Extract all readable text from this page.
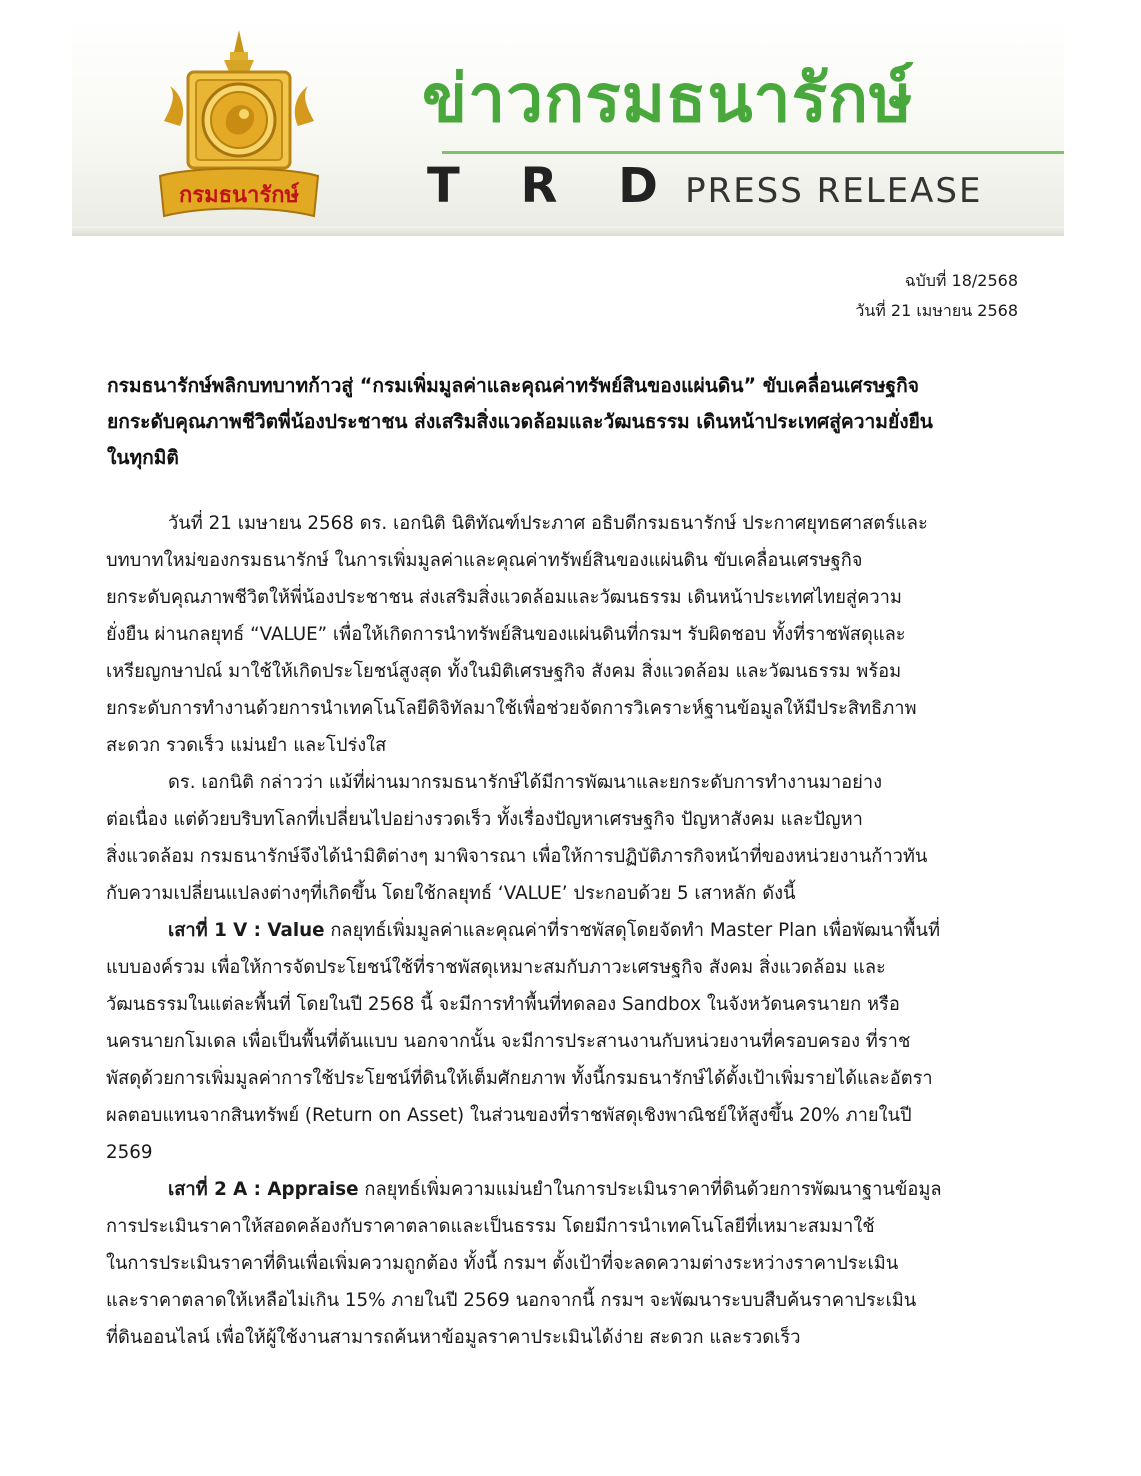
กรมธนารักษ์
ข่าวกรมธนารักษ์
T R D PRESS RELEASE
ฉบับที่ 18/2568
วันที่ 21 เมษายน 2568
กรมธนารักษ์พลิกบทบาทก้าวสู่ “กรมเพิ่มมูลค่าและคุณค่าทรัพย์สินของแผ่นดิน” ขับเคลื่อนเศรษฐกิจ
ยกระดับคุณภาพชีวิตพี่น้องประชาชน ส่งเสริมสิ่งแวดล้อมและวัฒนธรรม เดินหน้าประเทศสู่ความยั่งยืน
ในทุกมิติ
วันที่ 21 เมษายน 2568 ดร. เอกนิติ นิติทัณฑ์ประภาศ อธิบดีกรมธนารักษ์ ประกาศยุทธศาสตร์และ
บทบาทใหม่ของกรมธนารักษ์ ในการเพิ่มมูลค่าและคุณค่าทรัพย์สินของแผ่นดิน ขับเคลื่อนเศรษฐกิจ
ยกระดับคุณภาพชีวิตให้พี่น้องประชาชน ส่งเสริมสิ่งแวดล้อมและวัฒนธรรม เดินหน้าประเทศไทยสู่ความ
ยั่งยืน ผ่านกลยุทธ์ “VALUE” เพื่อให้เกิดการนำทรัพย์สินของแผ่นดินที่กรมฯ รับผิดชอบ ทั้งที่ราชพัสดุและ
เหรียญกษาปณ์ มาใช้ให้เกิดประโยชน์สูงสุด ทั้งในมิติเศรษฐกิจ สังคม สิ่งแวดล้อม และวัฒนธรรม พร้อม
ยกระดับการทำงานด้วยการนำเทคโนโลยีดิจิทัลมาใช้เพื่อช่วยจัดการวิเคราะห์ฐานข้อมูลให้มีประสิทธิภาพ
สะดวก รวดเร็ว แม่นยำ และโปร่งใส
ดร. เอกนิติ กล่าวว่า แม้ที่ผ่านมากรมธนารักษ์ได้มีการพัฒนาและยกระดับการทำงานมาอย่าง
ต่อเนื่อง แต่ด้วยบริบทโลกที่เปลี่ยนไปอย่างรวดเร็ว ทั้งเรื่องปัญหาเศรษฐกิจ ปัญหาสังคม และปัญหา
สิ่งแวดล้อม กรมธนารักษ์จึงได้นำมิติต่างๆ มาพิจารณา เพื่อให้การปฏิบัติภารกิจหน้าที่ของหน่วยงานก้าวทัน
กับความเปลี่ยนแปลงต่างๆที่เกิดขึ้น โดยใช้กลยุทธ์ ‘VALUE’ ประกอบด้วย 5 เสาหลัก ดังนี้
เสาที่ 1 V : Value กลยุทธ์เพิ่มมูลค่าและคุณค่าที่ราชพัสดุโดยจัดทำ Master Plan เพื่อพัฒนาพื้นที่
แบบองค์รวม เพื่อให้การจัดประโยชน์ใช้ที่ราชพัสดุเหมาะสมกับภาวะเศรษฐกิจ สังคม สิ่งแวดล้อม และ
วัฒนธรรมในแต่ละพื้นที่ โดยในปี 2568 นี้ จะมีการทำพื้นที่ทดลอง Sandbox ในจังหวัดนครนายก หรือ
นครนายกโมเดล เพื่อเป็นพื้นที่ต้นแบบ นอกจากนั้น จะมีการประสานงานกับหน่วยงานที่ครอบครอง ที่ราช
พัสดุด้วยการเพิ่มมูลค่าการใช้ประโยชน์ที่ดินให้เต็มศักยภาพ ทั้งนี้กรมธนารักษ์ได้ตั้งเป้าเพิ่มรายได้และอัตรา
ผลตอบแทนจากสินทรัพย์ (Return on Asset) ในส่วนของที่ราชพัสดุเชิงพาณิชย์ให้สูงขึ้น 20% ภายในปี
2569
เสาที่ 2 A : Appraise กลยุทธ์เพิ่มความแม่นยำในการประเมินราคาที่ดินด้วยการพัฒนาฐานข้อมูล
การประเมินราคาให้สอดคล้องกับราคาตลาดและเป็นธรรม โดยมีการนำเทคโนโลยีที่เหมาะสมมาใช้
ในการประเมินราคาที่ดินเพื่อเพิ่มความถูกต้อง ทั้งนี้ กรมฯ ตั้งเป้าที่จะลดความต่างระหว่างราคาประเมิน
และราคาตลาดให้เหลือไม่เกิน 15% ภายในปี 2569 นอกจากนี้ กรมฯ จะพัฒนาระบบสืบค้นราคาประเมิน
ที่ดินออนไลน์ เพื่อให้ผู้ใช้งานสามารถค้นหาข้อมูลราคาประเมินได้ง่าย สะดวก และรวดเร็ว
